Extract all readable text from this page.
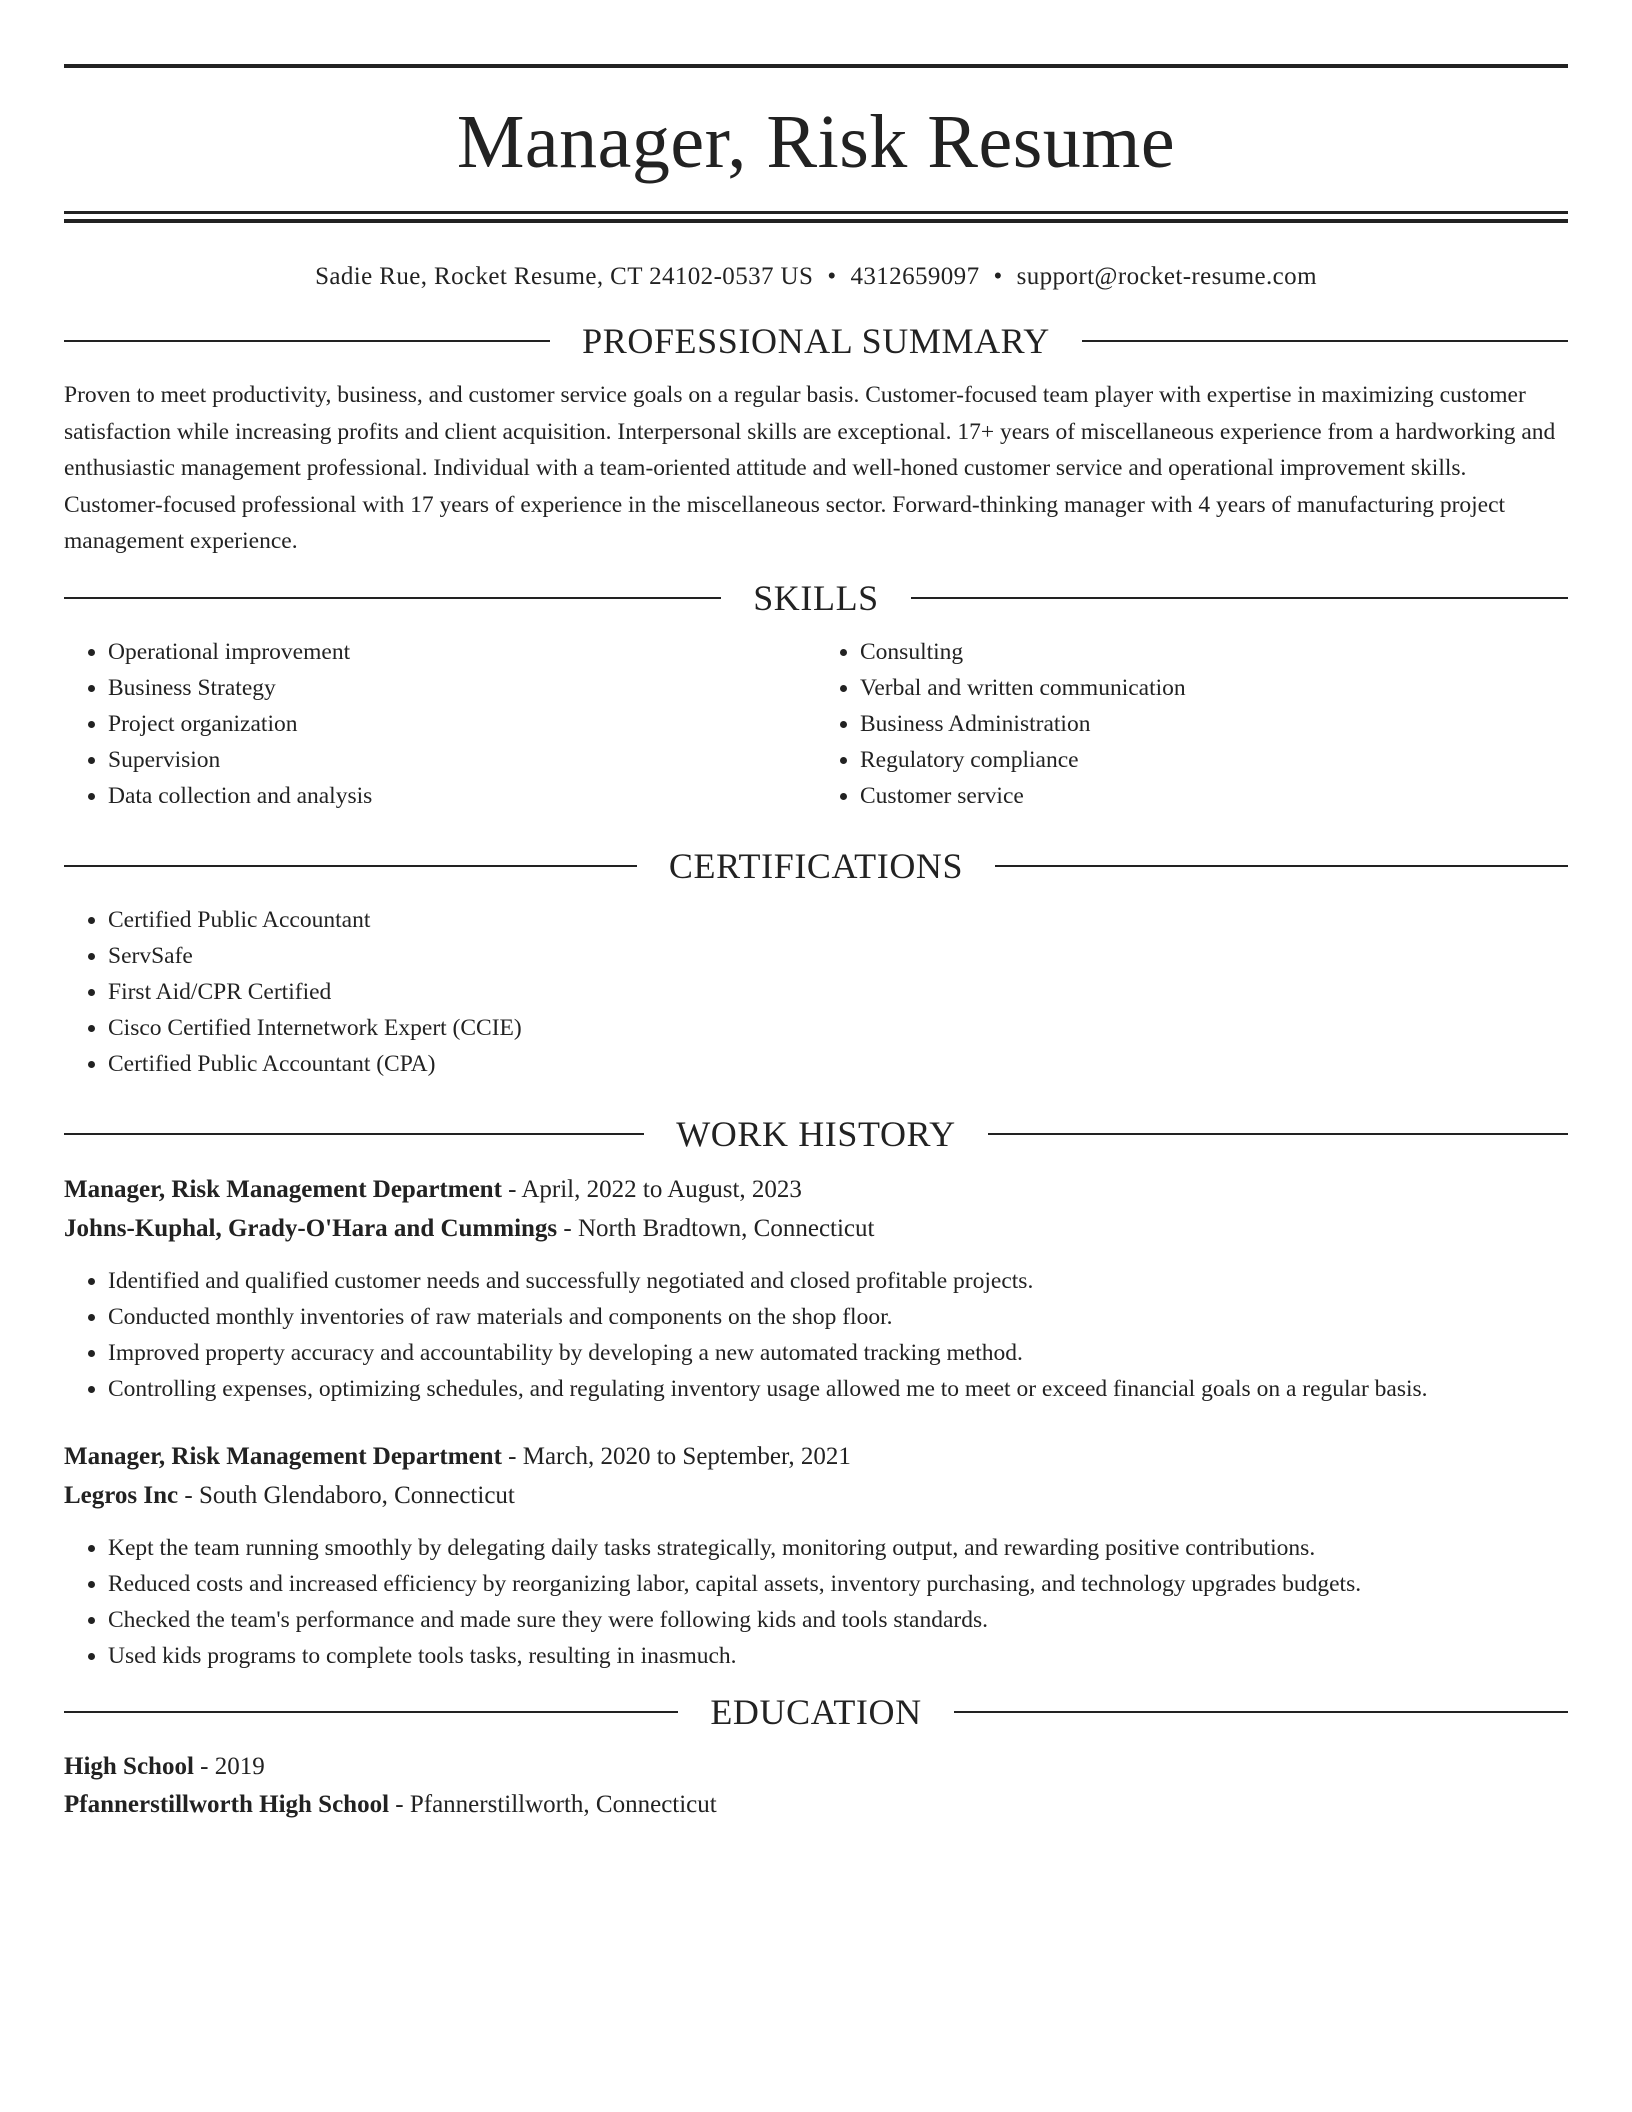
Manager, Risk Resume
Sadie Rue, Rocket Resume, CT 24102-0537 US • 4312659097 • support@rocket-resume.com
PROFESSIONAL SUMMARY

Proven to meet productivity, business, and customer service goals on a regular basis. Customer-focused team player with expertise in maximizing customer satisfaction while increasing profits and client acquisition. Interpersonal skills are exceptional. 17+ years of miscellaneous experience from a hardworking and enthusiastic management professional. Individual with a team-oriented attitude and well-honed customer service and operational improvement skills. Customer-focused professional with 17 years of experience in the miscellaneous sector. Forward-thinking manager with 4 years of manufacturing project management experience.

SKILLS
• Operational improvement
• Business Strategy
• Project organization
• Supervision
• Data collection and analysis
• Consulting
• Verbal and written communication
• Business Administration
• Regulatory compliance
• Customer service
CERTIFICATIONS
• Certified Public Accountant
• ServSafe
• First Aid/CPR Certified
• Cisco Certified Internetwork Expert (CCIE)
• Certified Public Accountant (CPA)
WORK HISTORY
Manager, Risk Management Department - April, 2022 to August, 2023
Johns-Kuphal, Grady-O'Hara and Cummings - North Bradtown, Connecticut
• Identified and qualified customer needs and successfully negotiated and closed profitable projects.
• Conducted monthly inventories of raw materials and components on the shop floor.
• Improved property accuracy and accountability by developing a new automated tracking method.
• Controlling expenses, optimizing schedules, and regulating inventory usage allowed me to meet or exceed financial goals on a regular basis.
Manager, Risk Management Department - March, 2020 to September, 2021
Legros Inc - South Glendaboro, Connecticut
• Kept the team running smoothly by delegating daily tasks strategically, monitoring output, and rewarding positive contributions.
• Reduced costs and increased efficiency by reorganizing labor, capital assets, inventory purchasing, and technology upgrades budgets.
• Checked the team's performance and made sure they were following kids and tools standards.
• Used kids programs to complete tools tasks, resulting in inasmuch.
EDUCATION
High School - 2019
Pfannerstillworth High School - Pfannerstillworth, Connecticut
